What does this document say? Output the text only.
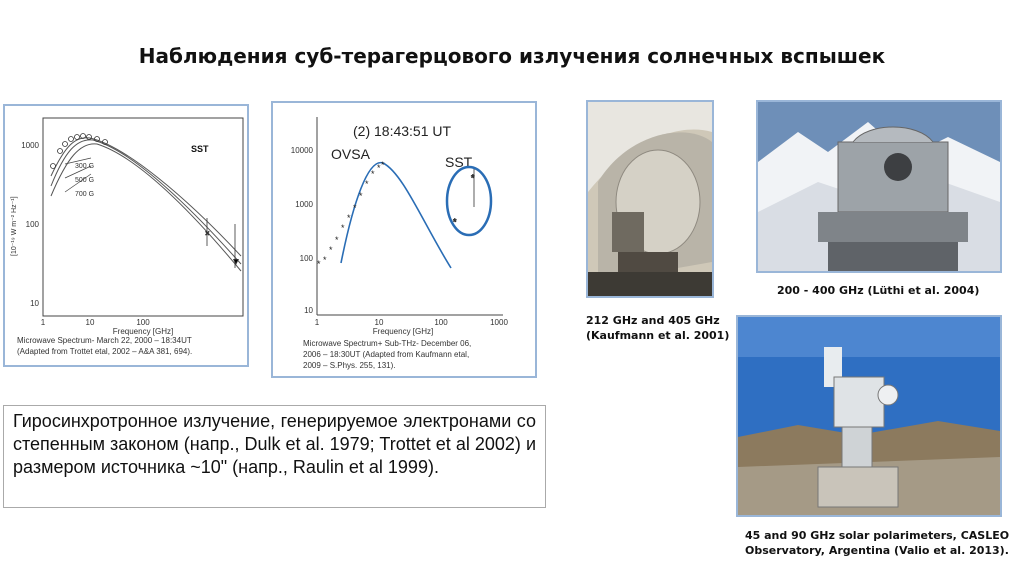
Наблюдения суб-терагерцового излучения солнечных вспышек
1000
100
10
[10⁻¹⁹ W m⁻² Hz⁻¹]
1	10	100
Frequency [GHz]
SST
300 G
500 G
700 G
×
▼
Microwave Spectrum- March 22, 2000 – 18:34UT
(Adapted from Trottet etal, 2002 – A&A 381, 694).
10000
1000
100
10
1	10	100	1000
Frequency [GHz]
(2) 18:43:51 UT
OVSA	SST
* *
*
*
*
*
*
*
*
*
* *
*
*
Microwave Spectrum+ Sub-THz- December 06,
2006 – 18:30UT (Adapted from Kaufmann etal,
2009 – S.Phys. 255, 131).
Гиросинхротронное излучение, генерируемое электронами со степенным законом (напр., Dulk et al. 1979; Trottet et al 2002) и размером источника ~10" (напр., Raulin et al 1999).
212 GHz and 405 GHz
(Kaufmann et al. 2001)
200 - 400 GHz (Lüthi et al. 2004)
45 and 90 GHz solar polarimeters, CASLEO
Observatory, Argentina (Valio et al. 2013).
